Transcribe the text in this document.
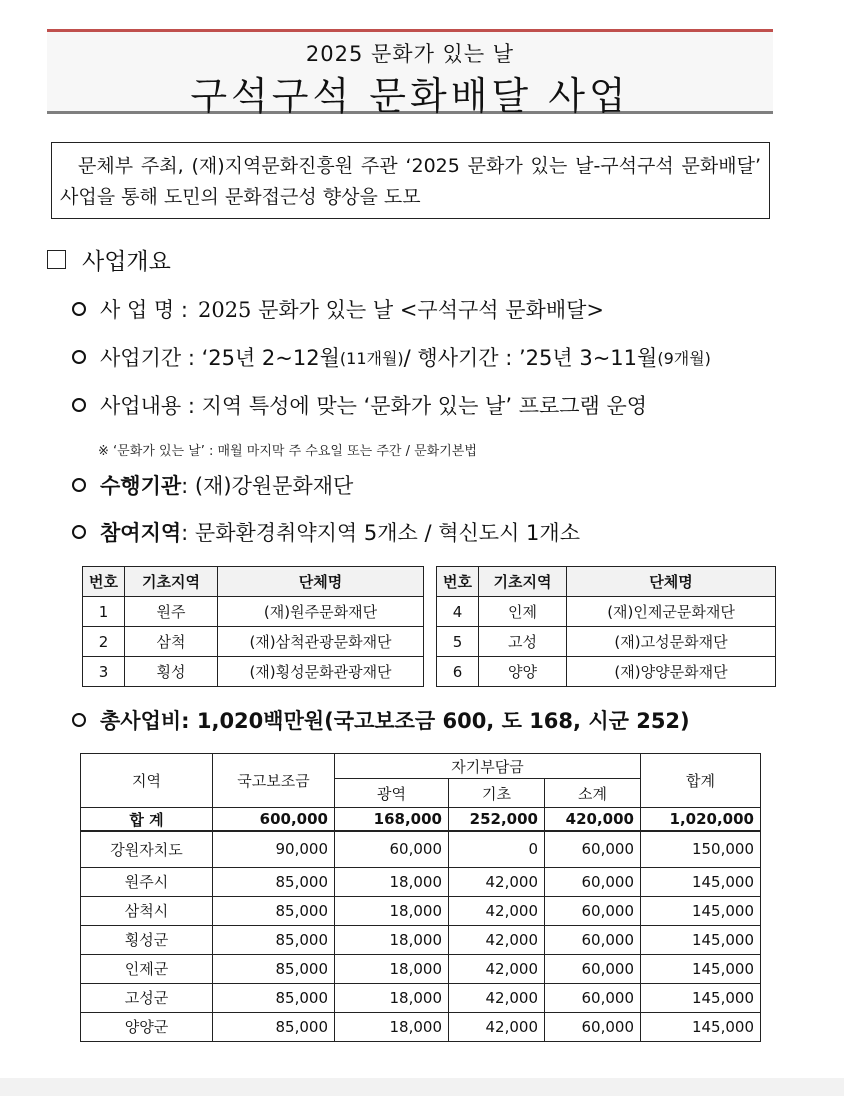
2025 문화가 있는 날
구석구석 문화배달 사업
문체부 주최, (재)지역문화진흥원 주관 ‘2025 문화가 있는 날-구석구석 문화배달’ 사업을 통해 도민의 문화접근성 향상을 도모
사업개요
사 업 명 : 2025 문화가 있는 날 <구석구석 문화배달>
사업기간 : ‘25년 2~12월 (11개월) / 행사기간 : ’25년 3~11월 (9개월)
사업내용 : 지역 특성에 맞는 ‘문화가 있는 날’ 프로그램 운영
※ ‘문화가 있는 날’ : 매월 마지막 주 수요일 또는 주간 / 문화기본법
수행기관 : (재)강원문화재단
참여지역 : 문화환경취약지역 5개소 / 혁신도시 1개소
번호	기초지역	단체명
1	원주	(재)원주문화재단
2	삼척	(재)삼척관광문화재단
3	횡성	(재)횡성문화관광재단
번호	기초지역	단체명
4	인제	(재)인제군문화재단
5	고성	(재)고성문화재단
6	양양	(재)양양문화재단
총사업비: 1,020백만원(국고보조금 600, 도 168, 시군 252)
지역	국고보조금	자기부담금			합계
		광역	기초	소계	
합 계	600,000	168,000	252,000	420,000	1,020,000
강원자치도	90,000	60,000	0	60,000	150,000
원주시	85,000	18,000	42,000	60,000	145,000
삼척시	85,000	18,000	42,000	60,000	145,000
횡성군	85,000	18,000	42,000	60,000	145,000
인제군	85,000	18,000	42,000	60,000	145,000
고성군	85,000	18,000	42,000	60,000	145,000
양양군	85,000	18,000	42,000	60,000	145,000
